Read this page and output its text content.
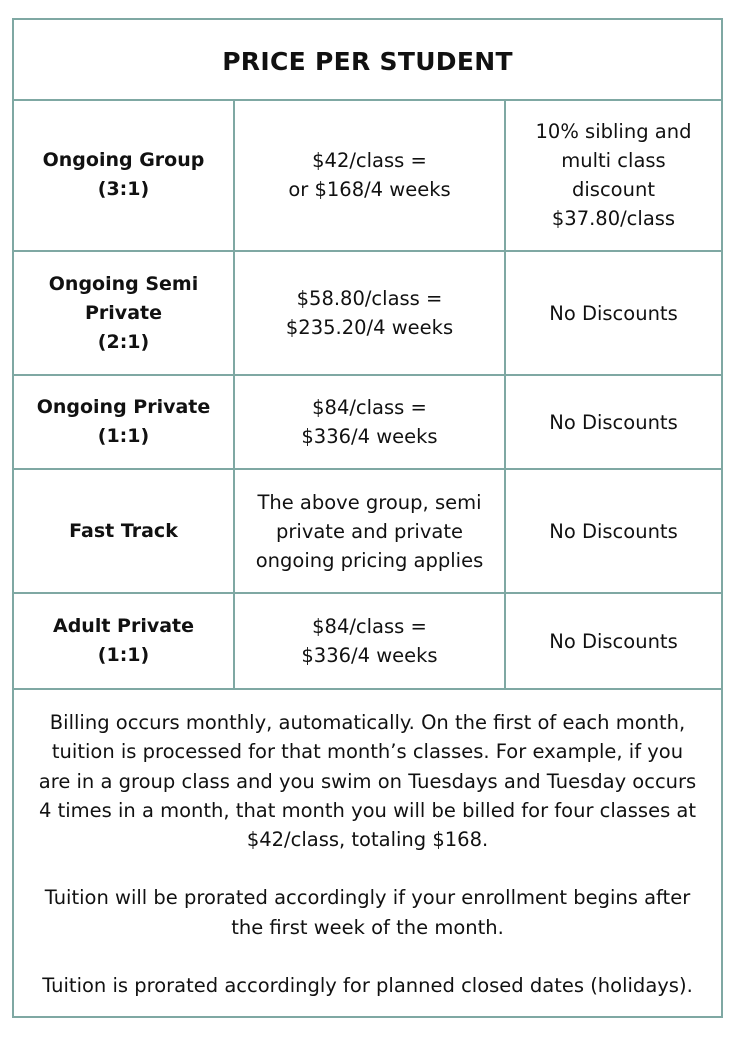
PRICE PER STUDENT
Ongoing Group
(3:1)
$42/class =
or $168/4 weeks
10% sibling and
multi class
discount
$37.80/class
Ongoing Semi
Private
(2:1)
$58.80/class =
$235.20/4 weeks
No Discounts
Ongoing Private
(1:1)
$84/class =
$336/4 weeks
No Discounts
Fast Track
The above group, semi
private and private
ongoing pricing applies
No Discounts
Adult Private
(1:1)
$84/class =
$336/4 weeks
No Discounts

Billing occurs monthly, automatically. On the first of each month,
tuition is processed for that month’s classes. For example, if you
are in a group class and you swim on Tuesdays and Tuesday occurs
4 times in a month, that month you will be billed for four classes at
$42/class, totaling $168.

Tuition will be prorated accordingly if your enrollment begins after
the first week of the month.

Tuition is prorated accordingly for planned closed dates (holidays).
